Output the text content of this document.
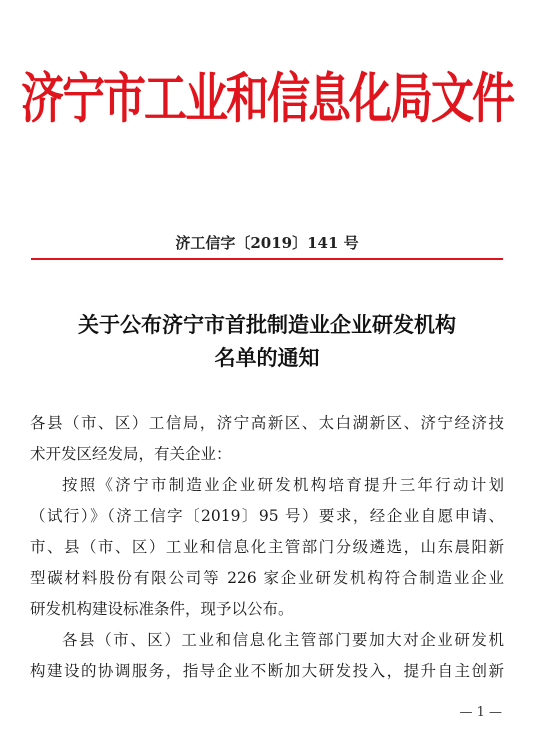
济宁市工业和信息化局文件
济工信字〔2019〕141 号
关于公布济宁市首批制造业企业研发机构
名单的通知
各县（市、区）工信局，济宁高新区、太白湖新区、济宁经济技
术开发区经发局，有关企业：
按照《济宁市制造业企业研发机构培育提升三年行动计划
（试行）》（济工信字〔2019〕95 号）要求，经企业自愿申请、
市、县（市、区）工业和信息化主管部门分级遴选，山东晨阳新
型碳材料股份有限公司等 226 家企业研发机构符合制造业企业
研发机构建设标准条件，现予以公布。
各县（市、区）工业和信息化主管部门要加大对企业研发机
构建设的协调服务，指导企业不断加大研发投入，提升自主创新
— 1 —
